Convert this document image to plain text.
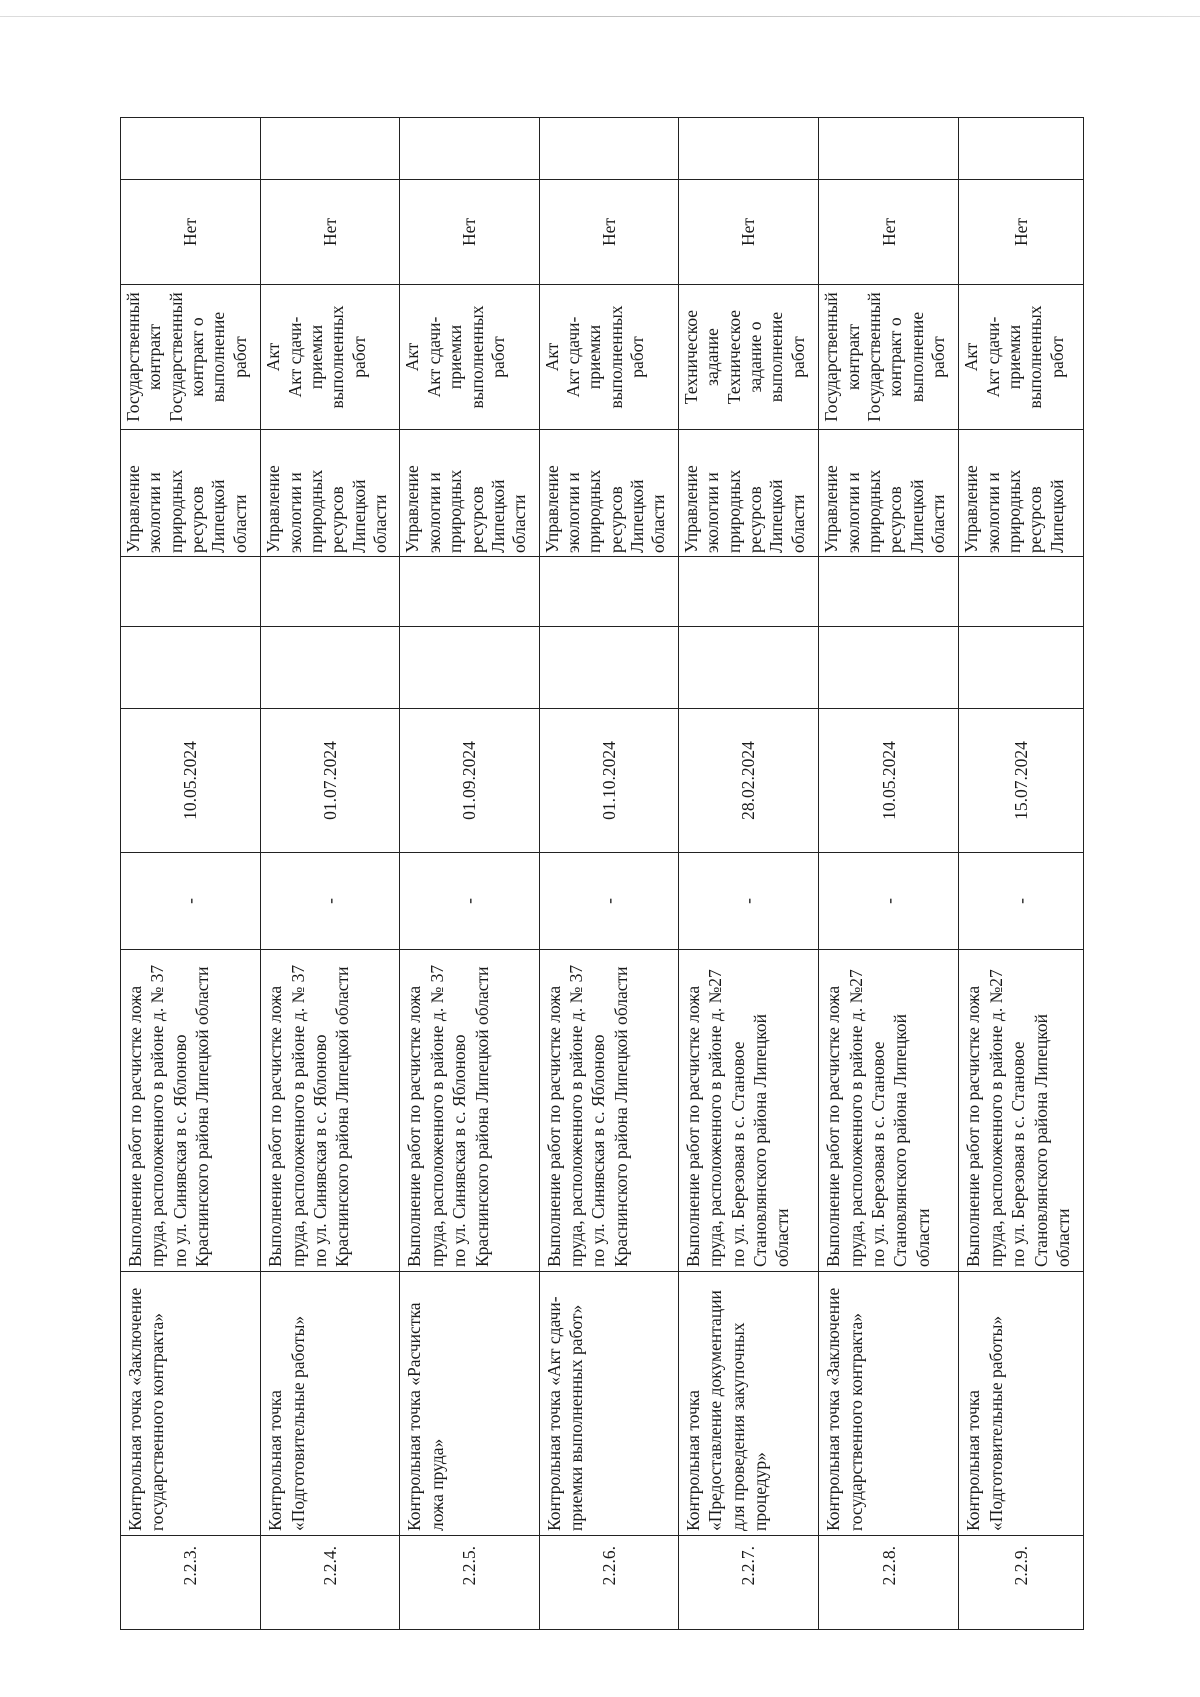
2.2.3.	Контрольная точка «Заключение государственного контракта»	Выполнение работ по расчистке ложа пруда, расположенного в районе д. № 37 по ул. Синявская в с. Яблоново Краснинского района Липецкой области	-	10.05.2024			Управление экологии и природных ресурсов Липецкой области	Государственный контракт Государственный контракт о выполнение работ	Нет	
2.2.4.	Контрольная точка «Подготовительные работы»	Выполнение работ по расчистке ложа пруда, расположенного в районе д. № 37 по ул. Синявская в с. Яблоново Краснинского района Липецкой области	-	01.07.2024			Управление экологии и природных ресурсов Липецкой области	Акт Акт сдачи-приемки выполненных работ	Нет	
2.2.5.	Контрольная точка «Расчистка ложа пруда»	Выполнение работ по расчистке ложа пруда, расположенного в районе д. № 37 по ул. Синявская в с. Яблоново Краснинского района Липецкой области	-	01.09.2024			Управление экологии и природных ресурсов Липецкой области	Акт Акт сдачи-приемки выполненных работ	Нет	
2.2.6.	Контрольная точка «Акт сдачи-приемки выполненных работ»	Выполнение работ по расчистке ложа пруда, расположенного в районе д. № 37 по ул. Синявская в с. Яблоново Краснинского района Липецкой области	-	01.10.2024			Управление экологии и природных ресурсов Липецкой области	Акт Акт сдачи-приемки выполненных работ	Нет	
2.2.7.	Контрольная точка «Предоставление документации для проведения закупочных процедур»	Выполнение работ по расчистке ложа пруда, расположенного в районе д. №27 по ул. Березовая в с. Становое Становлянского района Липецкой области	-	28.02.2024			Управление экологии и природных ресурсов Липецкой области	Техническое задание Техническое задание о выполнение работ	Нет	
2.2.8.	Контрольная точка «Заключение государственного контракта»	Выполнение работ по расчистке ложа пруда, расположенного в районе д. №27 по ул. Березовая в с. Становое Становлянского района Липецкой области	-	10.05.2024			Управление экологии и природных ресурсов Липецкой области	Государственный контракт Государственный контракт о выполнение работ	Нет	
2.2.9.	Контрольная точка «Подготовительные работы»	Выполнение работ по расчистке ложа пруда, расположенного в районе д. №27 по ул. Березовая в с. Становое Становлянского района Липецкой области	-	15.07.2024			Управление экологии и природных ресурсов Липецкой	Акт Акт сдачи-приемки выполненных работ	Нет	
